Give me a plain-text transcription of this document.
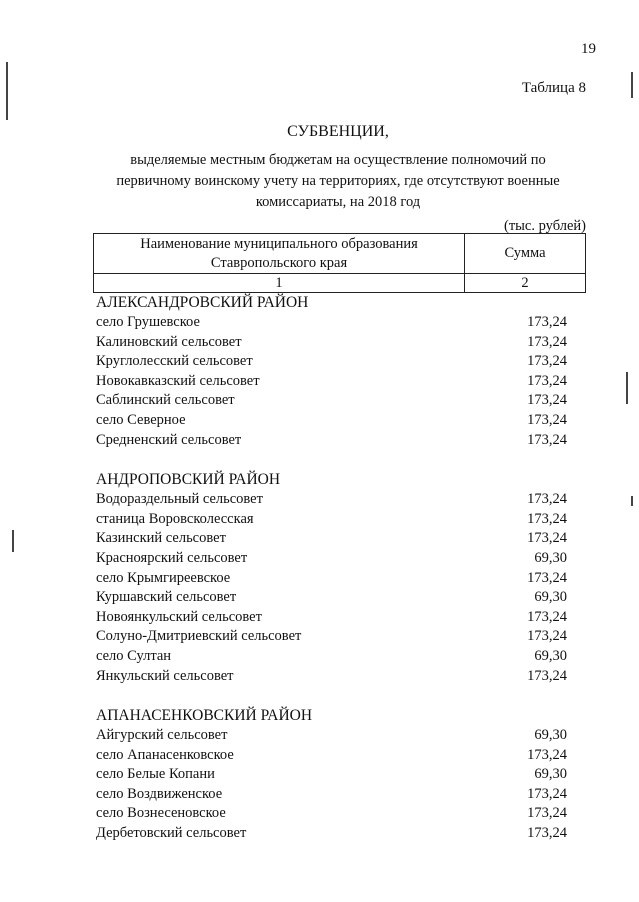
19
Таблица 8
СУБВЕНЦИИ,
выделяемые местным бюджетам на осуществление полномочий по
первичному воинскому учету на территориях, где отсутствуют военные
комиссариаты, на 2018 год
(тыс. рублей)
Наименование муниципального образования
Ставропольского края	Сумма
1	2
АЛЕКСАНДРОВСКИЙ РАЙОН
село Грушевское	173,24
Калиновский сельсовет	173,24
Круглолесский сельсовет	173,24
Новокавказский сельсовет	173,24
Саблинский сельсовет	173,24
село Северное	173,24
Средненский сельсовет	173,24
АНДРОПОВСКИЙ РАЙОН
Водораздельный сельсовет	173,24
станица Воровсколесская	173,24
Казинский сельсовет	173,24
Красноярский сельсовет	69,30
село Крымгиреевское	173,24
Куршавский сельсовет	69,30
Новоянкульский сельсовет	173,24
Солуно-Дмитриевский сельсовет	173,24
село Султан	69,30
Янкульский сельсовет	173,24
АПАНАСЕНКОВСКИЙ РАЙОН
Айгурский сельсовет	69,30
село Апанасенковское	173,24
село Белые Копани	69,30
село Воздвиженское	173,24
село Вознесеновское	173,24
Дербетовский сельсовет	173,24
